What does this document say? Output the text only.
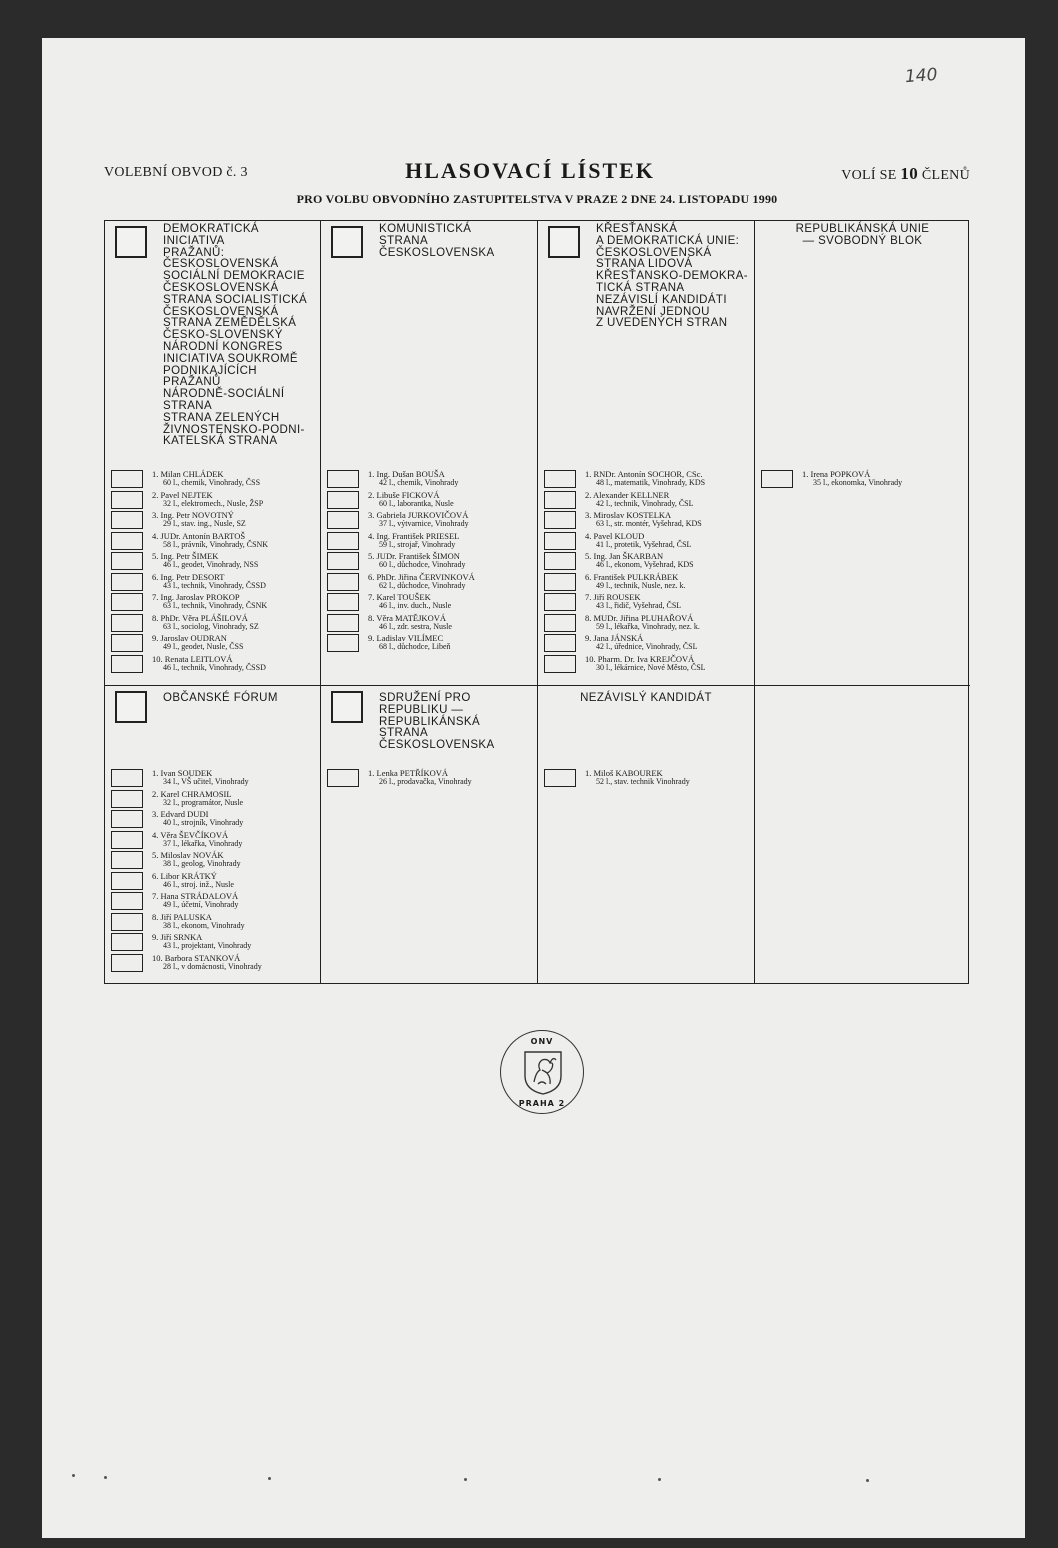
140
VOLEBNÍ OBVOD č. 3	HLASOVACÍ LÍSTEK	VOLÍ SE 10 ČLENŮ
PRO VOLBU OBVODNÍHO ZASTUPITELSTVA V PRAZE 2 DNE 24. LISTOPADU 1990
DEMOKRATICKÁ
INICIATIVA
PRAŽANŮ:
ČESKOSLOVENSKÁ
SOCIÁLNÍ DEMOKRACIE
ČESKOSLOVENSKÁ
STRANA SOCIALISTICKÁ
ČESKOSLOVENSKÁ
STRANA ZEMĚDĚLSKÁ
ČESKO-SLOVENSKÝ
NÁRODNÍ KONGRES
INICIATIVA SOUKROMĚ
PODNIKAJÍCÍCH
PRAŽANŮ
NÁRODNĚ-SOCIÁLNÍ
STRANA
STRANA ZELENÝCH
ŽIVNOSTENSKO-PODNI-
KATELSKÁ STRANA
1. Milan CHLÁDEK
60 l., chemik, Vinohrady, ČSS
2. Pavel NEJTEK
32 l., elektromech., Nusle, ŽSP
3. Ing. Petr NOVOTNÝ
29 l., stav. ing., Nusle, SZ
4. JUDr. Antonín BARTOŠ
58 l., právník, Vinohrady, ČSNK
5. Ing. Petr ŠIMEK
46 l., geodet, Vinohrady, NSS
6. Ing. Petr DESORT
43 l., technik, Vinohrady, ČSSD
7. Ing. Jaroslav PROKOP
63 l., technik, Vinohrady, ČSNK
8. PhDr. Věra PLÁŠILOVÁ
63 l., sociolog, Vinohrady, SZ
9. Jaroslav OUDRAN
49 l., geodet, Nusle, ČSS
10. Renata LEITLOVÁ
46 l., technik, Vinohrady, ČSSD
KOMUNISTICKÁ
STRANA
ČESKOSLOVENSKA
1. Ing. Dušan BOUŠA
42 l., chemik, Vinohrady
2. Libuše FICKOVÁ
60 l., laborantka, Nusle
3. Gabriela JURKOVIČOVÁ
37 l., výtvarnice, Vinohrady
4. Ing. František PRIESEL
59 l., strojař, Vinohrady
5. JUDr. František ŠIMON
60 l., důchodce, Vinohrady
6. PhDr. Jiřina ČERVINKOVÁ
62 l., důchodce, Vinohrady
7. Karel TOUŠEK
46 l., inv. duch., Nusle
8. Věra MATĚJKOVÁ
46 l., zdr. sestra, Nusle
9. Ladislav VILÍMEC
68 l., důchodce, Libeň
KŘESŤANSKÁ
A DEMOKRATICKÁ UNIE:
ČESKOSLOVENSKÁ
STRANA LIDOVÁ
KŘESŤANSKO-DEMOKRA-
TICKÁ STRANA
NEZÁVISLÍ KANDIDÁTI
NAVRŽENÍ JEDNOU
Z UVEDENÝCH STRAN
1. RNDr. Antonín SOCHOR, CSc.
48 l., matematik, Vinohrady, KDS
2. Alexander KELLNER
42 l., technik, Vinohrady, ČSL
3. Miroslav KOSTELKA
63 l., str. montér, Vyšehrad, KDS
4. Pavel KLOUD
41 l., protetik, Vyšehrad, ČSL
5. Ing. Jan ŠKARBAN
46 l., ekonom, Vyšehrad, KDS
6. František PULKRÁBEK
49 l., technik, Nusle, nez. k.
7. Jiří ROUSEK
43 l., řidič, Vyšehrad, ČSL
8. MUDr. Jiřina PLUHAŘOVÁ
59 l., lékařka, Vinohrady, nez. k.
9. Jana JÁNSKÁ
42 l., úřednice, Vinohrady, ČSL
10. Pharm. Dr. Iva KREJČOVÁ
30 l., lékárnice, Nové Město, ČSL
REPUBLIKÁNSKÁ UNIE
— SVOBODNÝ BLOK
1. Irena POPKOVÁ
35 l., ekonomka, Vinohrady
OBČANSKÉ FÓRUM
1. Ivan SOUDEK
34 l., VŠ učitel, Vinohrady
2. Karel CHRAMOSIL
32 l., programátor, Nusle
3. Edvard DUDI
40 l., strojník, Vinohrady
4. Věra ŠEVČÍKOVÁ
37 l., lékařka, Vinohrady
5. Miloslav NOVÁK
38 l., geolog, Vinohrady
6. Libor KRÁTKÝ
46 l., stroj. inž., Nusle
7. Hana STRÁDALOVÁ
49 l., účetní, Vinohrady
8. Jiří PALUSKA
38 l., ekonom, Vinohrady
9. Jiří SRNKA
43 l., projektant, Vinohrady
10. Barbora STANKOVÁ
28 l., v domácnosti, Vinohrady
SDRUŽENÍ PRO
REPUBLIKU —
REPUBLIKÁNSKÁ
STRANA
ČESKOSLOVENSKA
1. Lenka PETŘÍKOVÁ
26 l., prodavačka, Vinohrady
NEZÁVISLÝ KANDIDÁT
1. Miloš KABOUREK
52 l., stav. technik Vinohrady
ONV
PRAHA 2
